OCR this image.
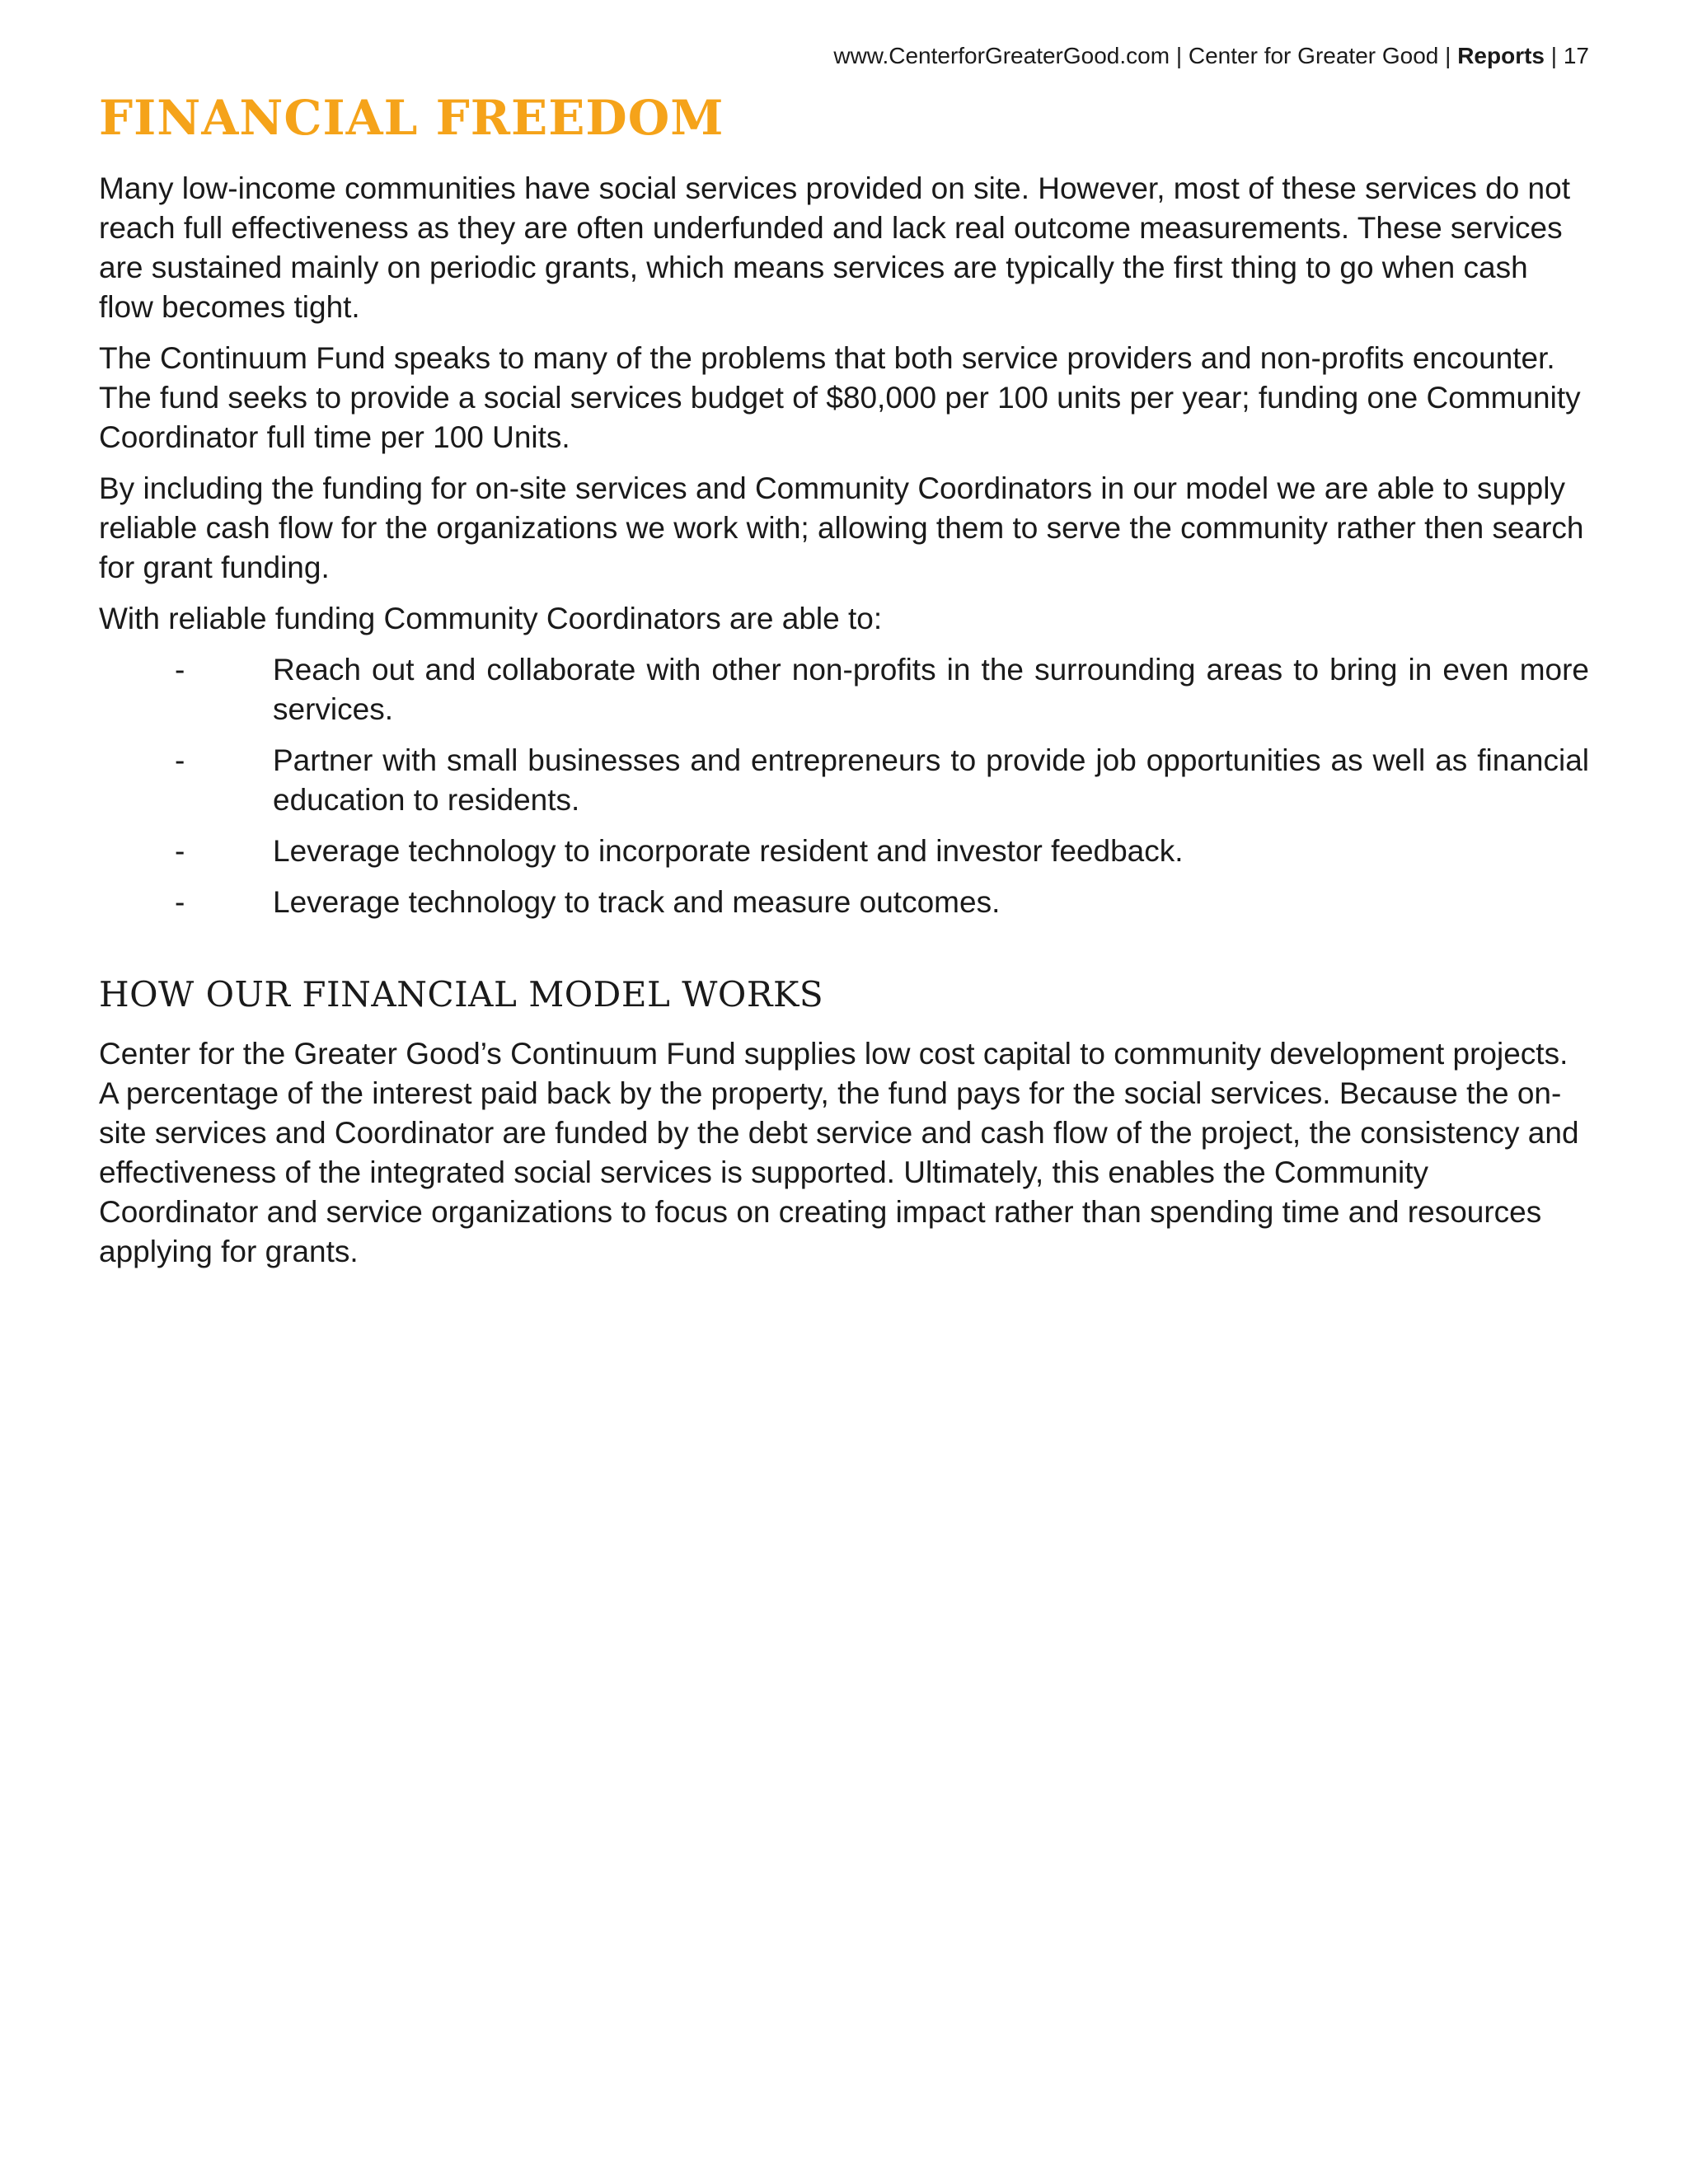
www.CenterforGreaterGood.com | Center for Greater Good | Reports | 17
FINANCIAL FREEDOM

Many low-income communities have social services provided on site. However, most of these services do not reach full effectiveness as they are often underfunded and lack real outcome measurements. These services are sustained mainly on periodic grants, which means services are typically the first thing to go when cash flow becomes tight.

The Continuum Fund speaks to many of the problems that both service providers and non-profits encounter. The fund seeks to provide a social services budget of $80,000 per 100 units per year; funding one Community Coordinator full time per 100 Units.

By including the funding for on-site services and Community Coordinators in our model we are able to supply reliable cash flow for the organizations we work with; allowing them to serve the community rather then search for grant funding.

With reliable funding Community Coordinators are able to:

-	Reach out and collaborate with other non-profits in the surrounding areas to bring in even more services.
-	Partner with small businesses and entrepreneurs to provide job opportunities as well as financial education to residents.
-	Leverage technology to incorporate resident and investor feedback.
-	Leverage technology to track and measure outcomes.
HOW OUR FINANCIAL MODEL WORKS

Center for the Greater Good’s Continuum Fund supplies low cost capital to community development projects. A percentage of the interest paid back by the property, the fund pays for the social services. Because the on-site services and Coordinator are funded by the debt service and cash flow of the project, the consistency and effectiveness of the integrated social services is supported. Ultimately, this enables the Community Coordinator and service organizations to focus on creating impact rather than spending time and resources applying for grants.
